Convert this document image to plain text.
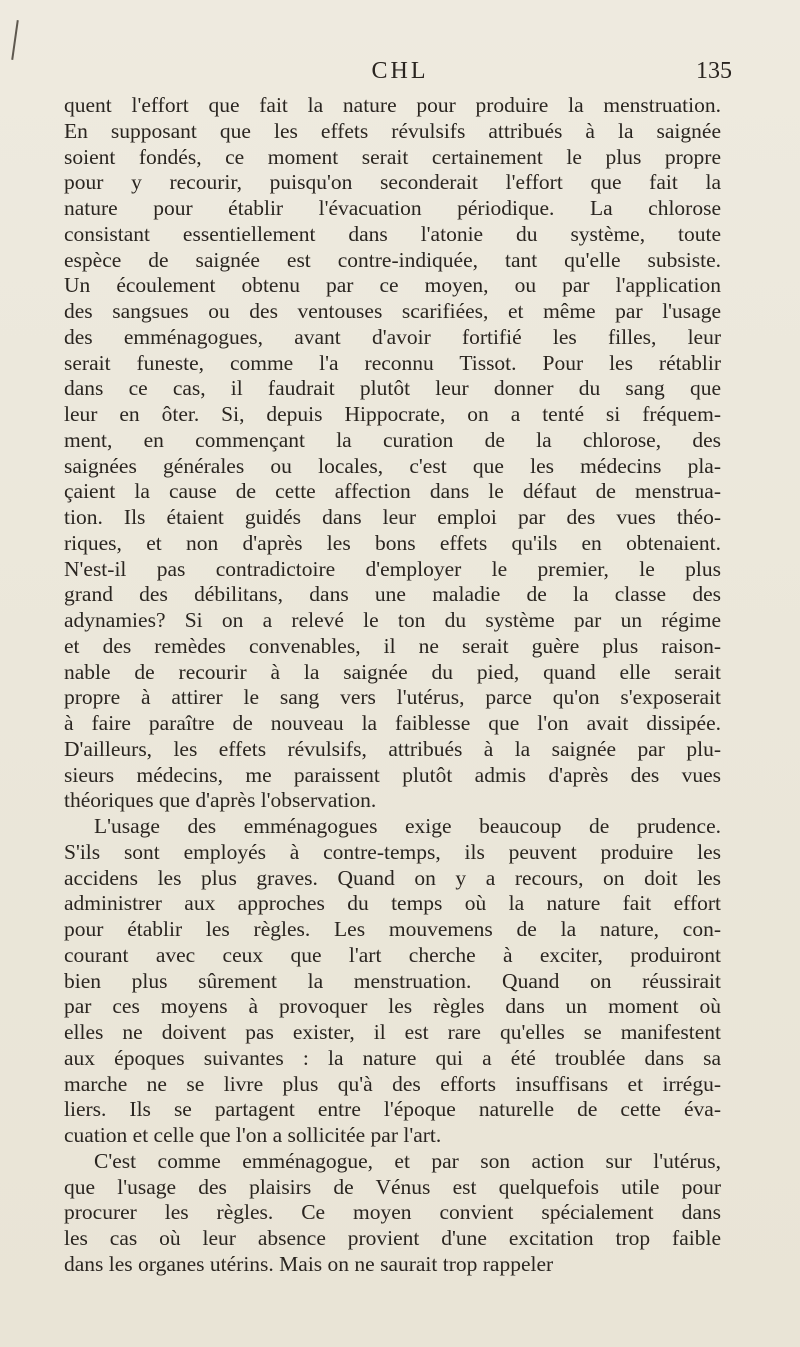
CHL	135
quent l'effort que fait la nature pour produire la menstruation.
En supposant que les effets révulsifs attribués à la saignée
soient fondés, ce moment serait certainement le plus propre
pour y recourir, puisqu'on seconderait l'effort que fait la
nature pour établir l'évacuation périodique. La chlorose
consistant essentiellement dans l'atonie du système, toute
espèce de saignée est contre-indiquée, tant qu'elle subsiste.
Un écoulement obtenu par ce moyen, ou par l'application
des sangsues ou des ventouses scarifiées, et même par l'usage
des emménagogues, avant d'avoir fortifié les filles, leur
serait funeste, comme l'a reconnu Tissot. Pour les rétablir
dans ce cas, il faudrait plutôt leur donner du sang que
leur en ôter. Si, depuis Hippocrate, on a tenté si fréquem-
ment, en commençant la curation de la chlorose, des
saignées générales ou locales, c'est que les médecins pla-
çaient la cause de cette affection dans le défaut de menstrua-
tion. Ils étaient guidés dans leur emploi par des vues théo-
riques, et non d'après les bons effets qu'ils en obtenaient.
N'est-il pas contradictoire d'employer le premier, le plus
grand des débilitans, dans une maladie de la classe des
adynamies? Si on a relevé le ton du système par un régime
et des remèdes convenables, il ne serait guère plus raison-
nable de recourir à la saignée du pied, quand elle serait
propre à attirer le sang vers l'utérus, parce qu'on s'exposerait
à faire paraître de nouveau la faiblesse que l'on avait dissipée.
D'ailleurs, les effets révulsifs, attribués à la saignée par plu-
sieurs médecins, me paraissent plutôt admis d'après des vues
théoriques que d'après l'observation.
L'usage des emménagogues exige beaucoup de prudence.
S'ils sont employés à contre-temps, ils peuvent produire les
accidens les plus graves. Quand on y a recours, on doit les
administrer aux approches du temps où la nature fait effort
pour établir les règles. Les mouvemens de la nature, con-
courant avec ceux que l'art cherche à exciter, produiront
bien plus sûrement la menstruation. Quand on réussirait
par ces moyens à provoquer les règles dans un moment où
elles ne doivent pas exister, il est rare qu'elles se manifestent
aux époques suivantes : la nature qui a été troublée dans sa
marche ne se livre plus qu'à des efforts insuffisans et irrégu-
liers. Ils se partagent entre l'époque naturelle de cette éva-
cuation et celle que l'on a sollicitée par l'art.
C'est comme emménagogue, et par son action sur l'utérus,
que l'usage des plaisirs de Vénus est quelquefois utile pour
procurer les règles. Ce moyen convient spécialement dans
les cas où leur absence provient d'une excitation trop faible
dans les organes utérins. Mais on ne saurait trop rappeler
